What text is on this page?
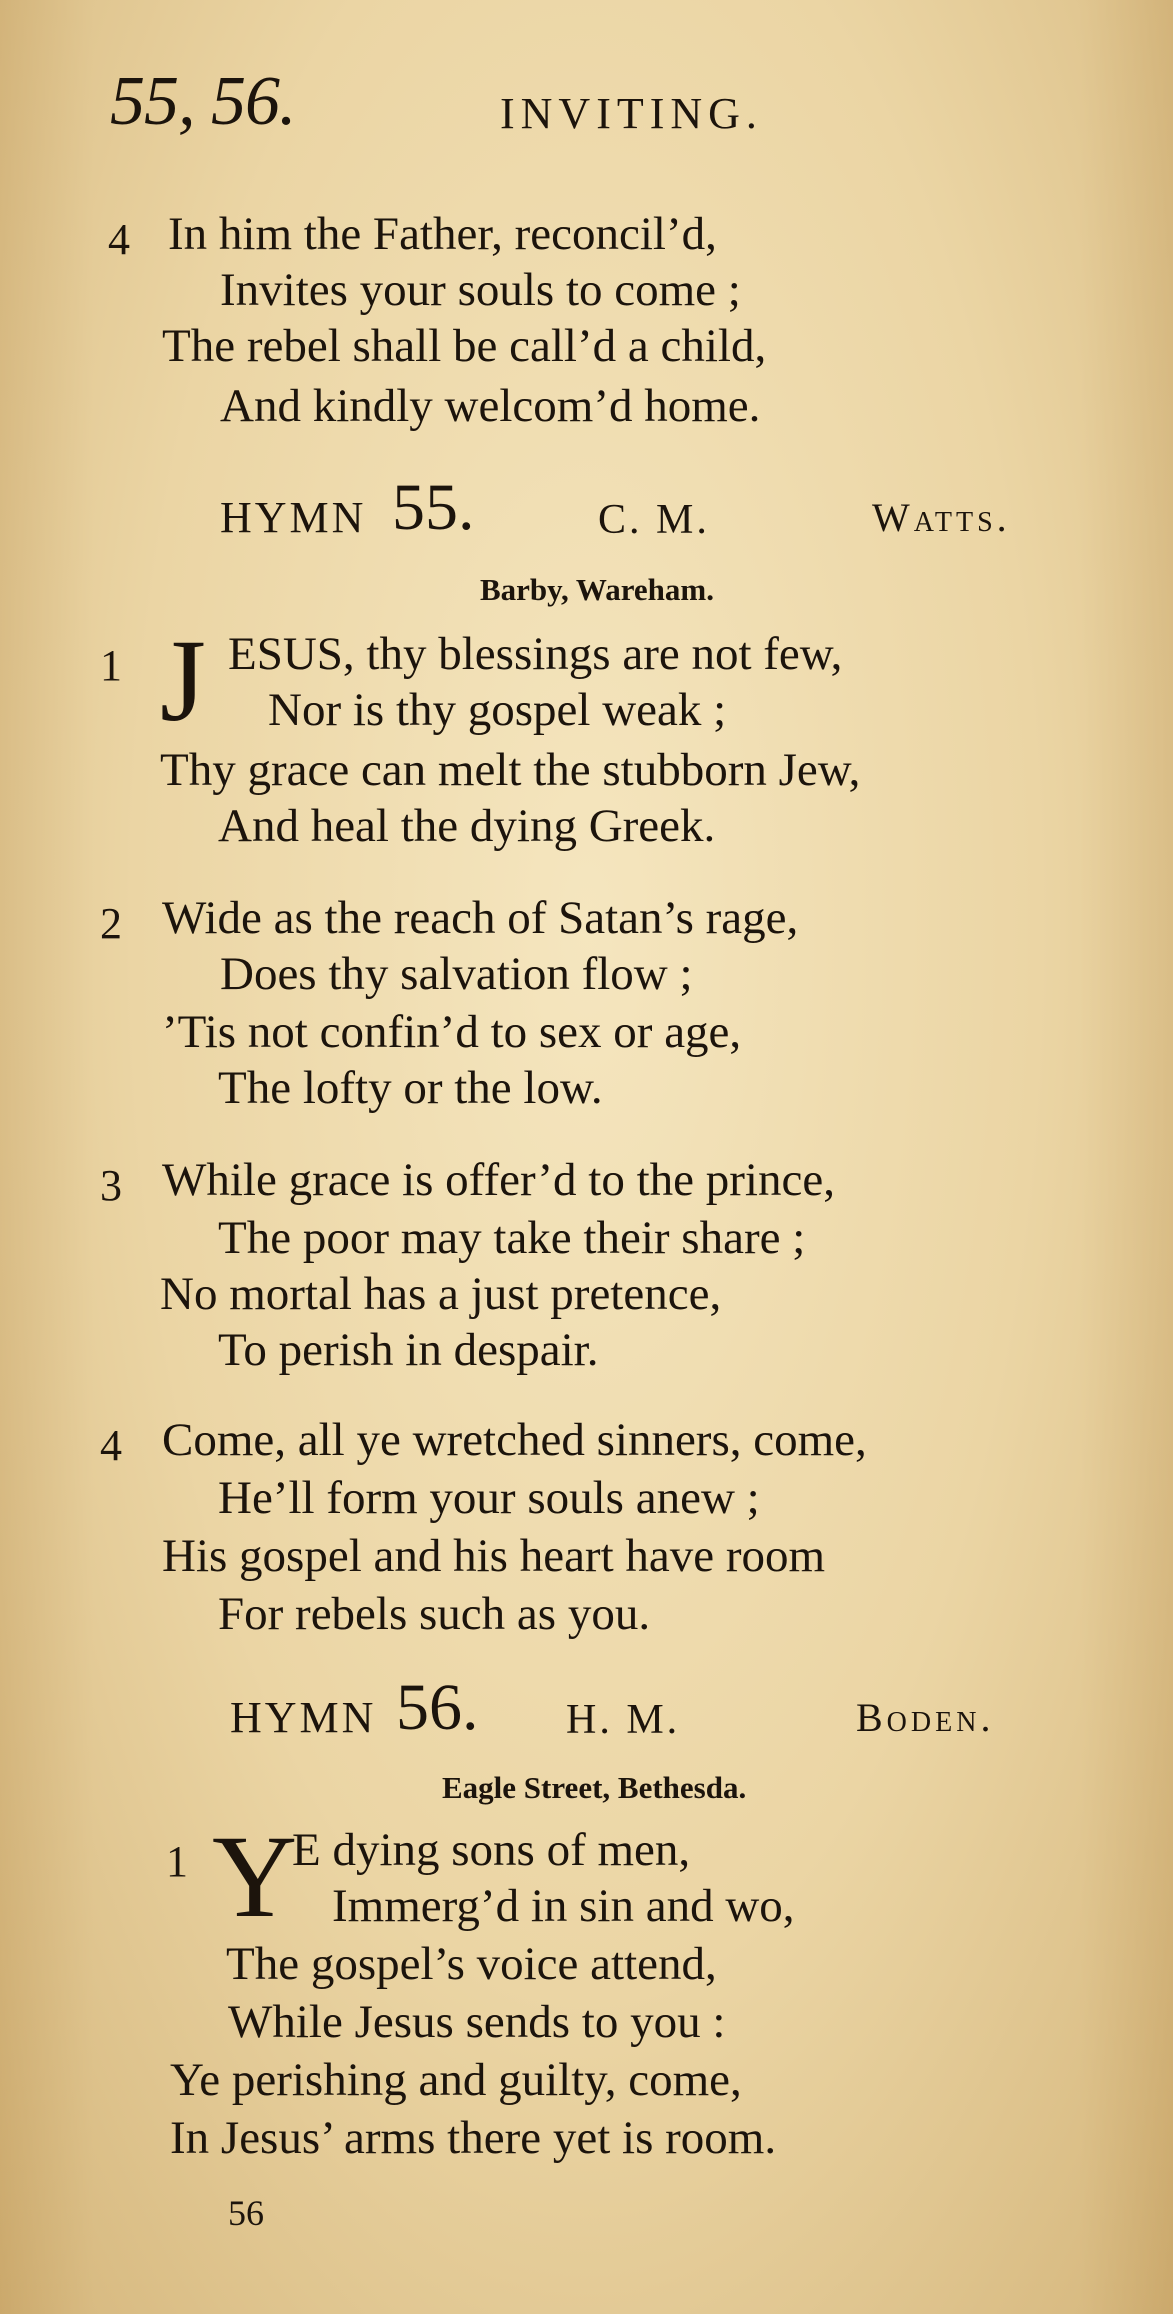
55, 56.	INVITING.
4 In him the Father, reconcil’d,
Invites your souls to come ;
The rebel shall be call’d a child,
And kindly welcom’d home.
HYMN 55.	C. M.	Watts.
Barby, Wareham.
1 J ESUS, thy blessings are not few,
Nor is thy gospel weak ;
Thy grace can melt the stubborn Jew,
And heal the dying Greek.
2 Wide as the reach of Satan’s rage,
Does thy salvation flow ;
’Tis not confin’d to sex or age,
The lofty or the low.
3 While grace is offer’d to the prince,
The poor may take their share ;
No mortal has a just pretence,
To perish in despair.
4 Come, all ye wretched sinners, come,
He’ll form your souls anew ;
His gospel and his heart have room
For rebels such as you.
HYMN 56. H. M.	Boden.
Eagle Street, Bethesda.
1 Y
E dying sons of men,
Immerg’d in sin and wo,
The gospel’s voice attend,
While Jesus sends to you :
Ye perishing and guilty, come,
In Jesus’ arms there yet is room.
56
